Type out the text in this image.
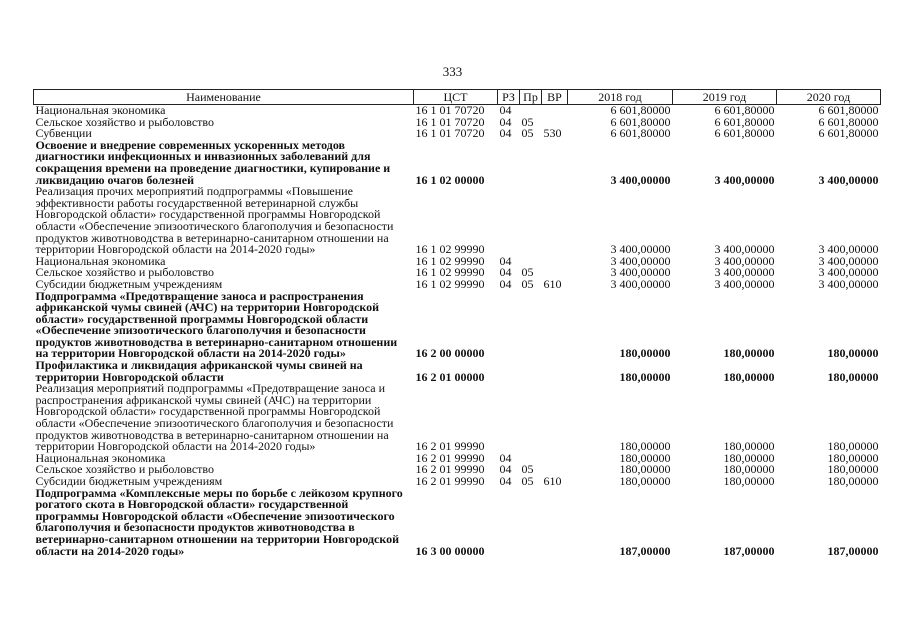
333
Наименование	ЦСТ	РЗ	Пр	ВР	2018 год	2019 год	2020 год
Национальная экономика	16 1 01 70720	04			6 601,80000	6 601,80000	6 601,80000
Сельское хозяйство и рыболовство	16 1 01 70720	04	05		6 601,80000	6 601,80000	6 601,80000
Субвенции	16 1 01 70720	04	05	530	6 601,80000	6 601,80000	6 601,80000
Освоение и внедрение современных ускоренных методов диагностики инфекционных и инвазионных заболеваний для сокращения времени на проведение диагностики, купирование и ликвидацию очагов болезней	16 1 02 00000				3 400,00000	3 400,00000	3 400,00000
Реализация прочих мероприятий подпрограммы «Повышение эффективности работы государственной ветеринарной службы Новгородской области» государственной программы Новгородской области «Обеспечение эпизоотического благополучия и безопасности продуктов животноводства в ветеринарно-санитарном отношении на территории Новгородской области на 2014-2020 годы»	16 1 02 99990				3 400,00000	3 400,00000	3 400,00000
Национальная экономика	16 1 02 99990	04			3 400,00000	3 400,00000	3 400,00000
Сельское хозяйство и рыболовство	16 1 02 99990	04	05		3 400,00000	3 400,00000	3 400,00000
Субсидии бюджетным учреждениям	16 1 02 99990	04	05	610	3 400,00000	3 400,00000	3 400,00000
Подпрограмма «Предотвращение заноса и распространения африканской чумы свиней (АЧС) на территории Новгородской области» государственной программы Новгородской области «Обеспечение эпизоотического благополучия и безопасности продуктов животноводства в ветеринарно-санитарном отношении на территории Новгородской области на 2014-2020 годы»	16 2 00 00000				180,00000	180,00000	180,00000
Профилактика и ликвидация африканской чумы свиней на территории Новгородской области	16 2 01 00000				180,00000	180,00000	180,00000
Реализация мероприятий подпрограммы «Предотвращение заноса и распространения африканской чумы свиней (АЧС) на территории Новгородской области» государственной программы Новгородской области «Обеспечение эпизоотического благополучия и безопасности продуктов животноводства в ветеринарно-санитарном отношении на территории Новгородской области на 2014-2020 годы»	16 2 01 99990				180,00000	180,00000	180,00000
Национальная экономика	16 2 01 99990	04			180,00000	180,00000	180,00000
Сельское хозяйство и рыболовство	16 2 01 99990	04	05		180,00000	180,00000	180,00000
Субсидии бюджетным учреждениям	16 2 01 99990	04	05	610	180,00000	180,00000	180,00000
Подпрограмма «Комплексные меры по борьбе с лейкозом крупного рогатого скота в Новгородской области» государственной программы Новгородской области «Обеспечение эпизоотического благополучия и безопасности продуктов животноводства в ветеринарно-санитарном отношении на территории Новгородской области на 2014-2020 годы»	16 3 00 00000				187,00000	187,00000	187,00000
